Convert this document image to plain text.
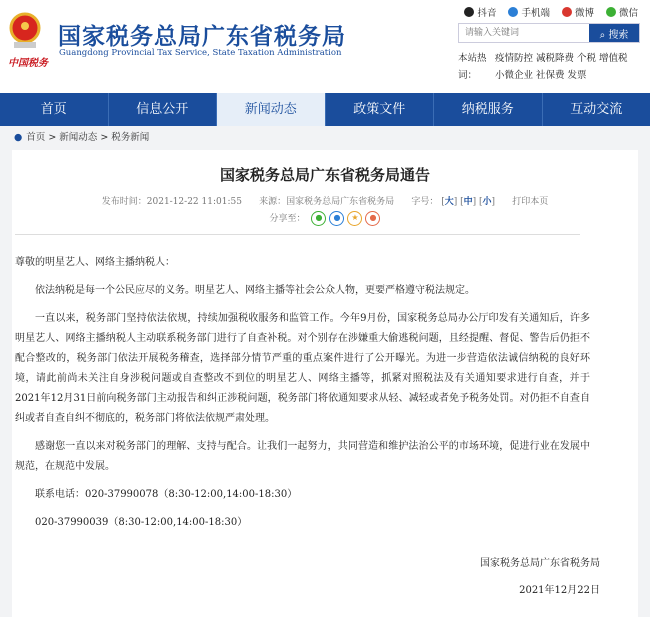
中国税务
国家税务总局广东省税务局
Guangdong Provincial Tax Service, State Taxation Administration
抖音	手机端	微博	微信
请输入关键词
⌕ 搜索
本站热词：
疫情防控 减税降费 个税 增值税 小微企业 社保费 发票
首页	信息公开	新闻动态	政策文件	纳税服务	互动交流
● 首页 > 新闻动态 > 税务新闻
国家税务总局广东省税务局通告
发布时间：2021-12-22 11:01:55 来源：国家税务总局广东省税务局 字号： [大] [中] [小]      打印本页
分享至： ● ● ★ ●

尊敬的明星艺人、网络主播纳税人：

依法纳税是每一个公民应尽的义务。明星艺人、网络主播等社会公众人物，更要严格遵守税法规定。

一直以来，税务部门坚持依法依规，持续加强税收服务和监管工作。今年9月份，国家税务总局办公厅印发有关通知后，许多明星艺人、网络主播纳税人主动联系税务部门进行了自查补税。对个别存在涉嫌重大偷逃税问题，且经提醒、督促、警告后仍拒不配合整改的，税务部门依法开展税务稽查，选择部分情节严重的重点案件进行了公开曝光。为进一步营造依法诚信纳税的良好环境，请此前尚未关注自身涉税问题或自查整改不到位的明星艺人、网络主播等，抓紧对照税法及有关通知要求进行自查，并于2021年12月31日前向税务部门主动报告和纠正涉税问题，税务部门将依通知要求从轻、减轻或者免予税务处罚。对仍拒不自查自纠或者自查自纠不彻底的，税务部门将依法依规严肃处理。

感谢您一直以来对税务部门的理解、支持与配合。让我们一起努力，共同营造和维护法治公平的市场环境，促进行业在发展中规范，在规范中发展。

联系电话：020-37990078（8:30-12:00,14:00-18:30）

020-37990039（8:30-12:00,14:00-18:30）

国家税务总局广东省税务局
2021年12月22日
